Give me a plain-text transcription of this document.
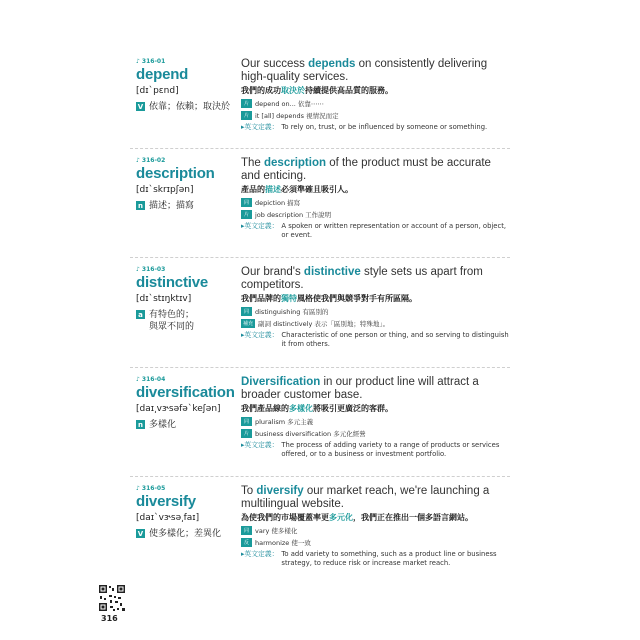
♪ 316-01
depend
[dɪˋpɛnd]
V 依靠；依賴；取決於
Our success depends on consistently delivering high-quality services.
我們的成功取決於持續提供高品質的服務。
片 depend on... 依靠⋯⋯
片 it [all] depends 視情況而定
▸英文定義： To rely on, trust, or be influenced by someone or something.
♪ 316-02
description
[dɪˋskrɪpʃən]
n 描述；描寫
The description of the product must be accurate and enticing.
產品的描述必須準確且吸引人。
同 depiction 描寫
片 job description 工作說明
▸英文定義： A spoken or written representation or account of a person, object, or event.
♪ 316-03
distinctive
[dɪˋstɪŋktɪv]
a 有特色的；
與眾不同的
Our brand's distinctive style sets us apart from competitors.
我們品牌的獨特風格使我們與競爭對手有所區隔。
同 distinguishing 有區別的
補充 副詞 distinctively 表示「區別地；特殊地」。
▸英文定義： Characteristic of one person or thing, and so serving to distinguish it from others.
♪ 316-04
diversification
[daɪ͵vɝsəfəˋkeʃən]
n 多樣化
Diversification in our product line will attract a broader customer base.
我們產品線的多樣化將吸引更廣泛的客群。
同 pluralism 多元主義
片 business diversification 多元化經營
▸英文定義： The process of adding variety to a range of products or services offered, or to a business or investment portfolio.
♪ 316-05
diversify
[daɪˋvɝsə͵faɪ]
V 使多樣化；差異化
To diversify our market reach, we're launching a multilingual website.
為使我們的市場覆蓋率更多元化，我們正在推出一個多語言網站。
同 vary 使多樣化
反 harmonize 使一致
▸英文定義： To add variety to something, such as a product line or business strategy, to reduce risk or increase market reach.
316
